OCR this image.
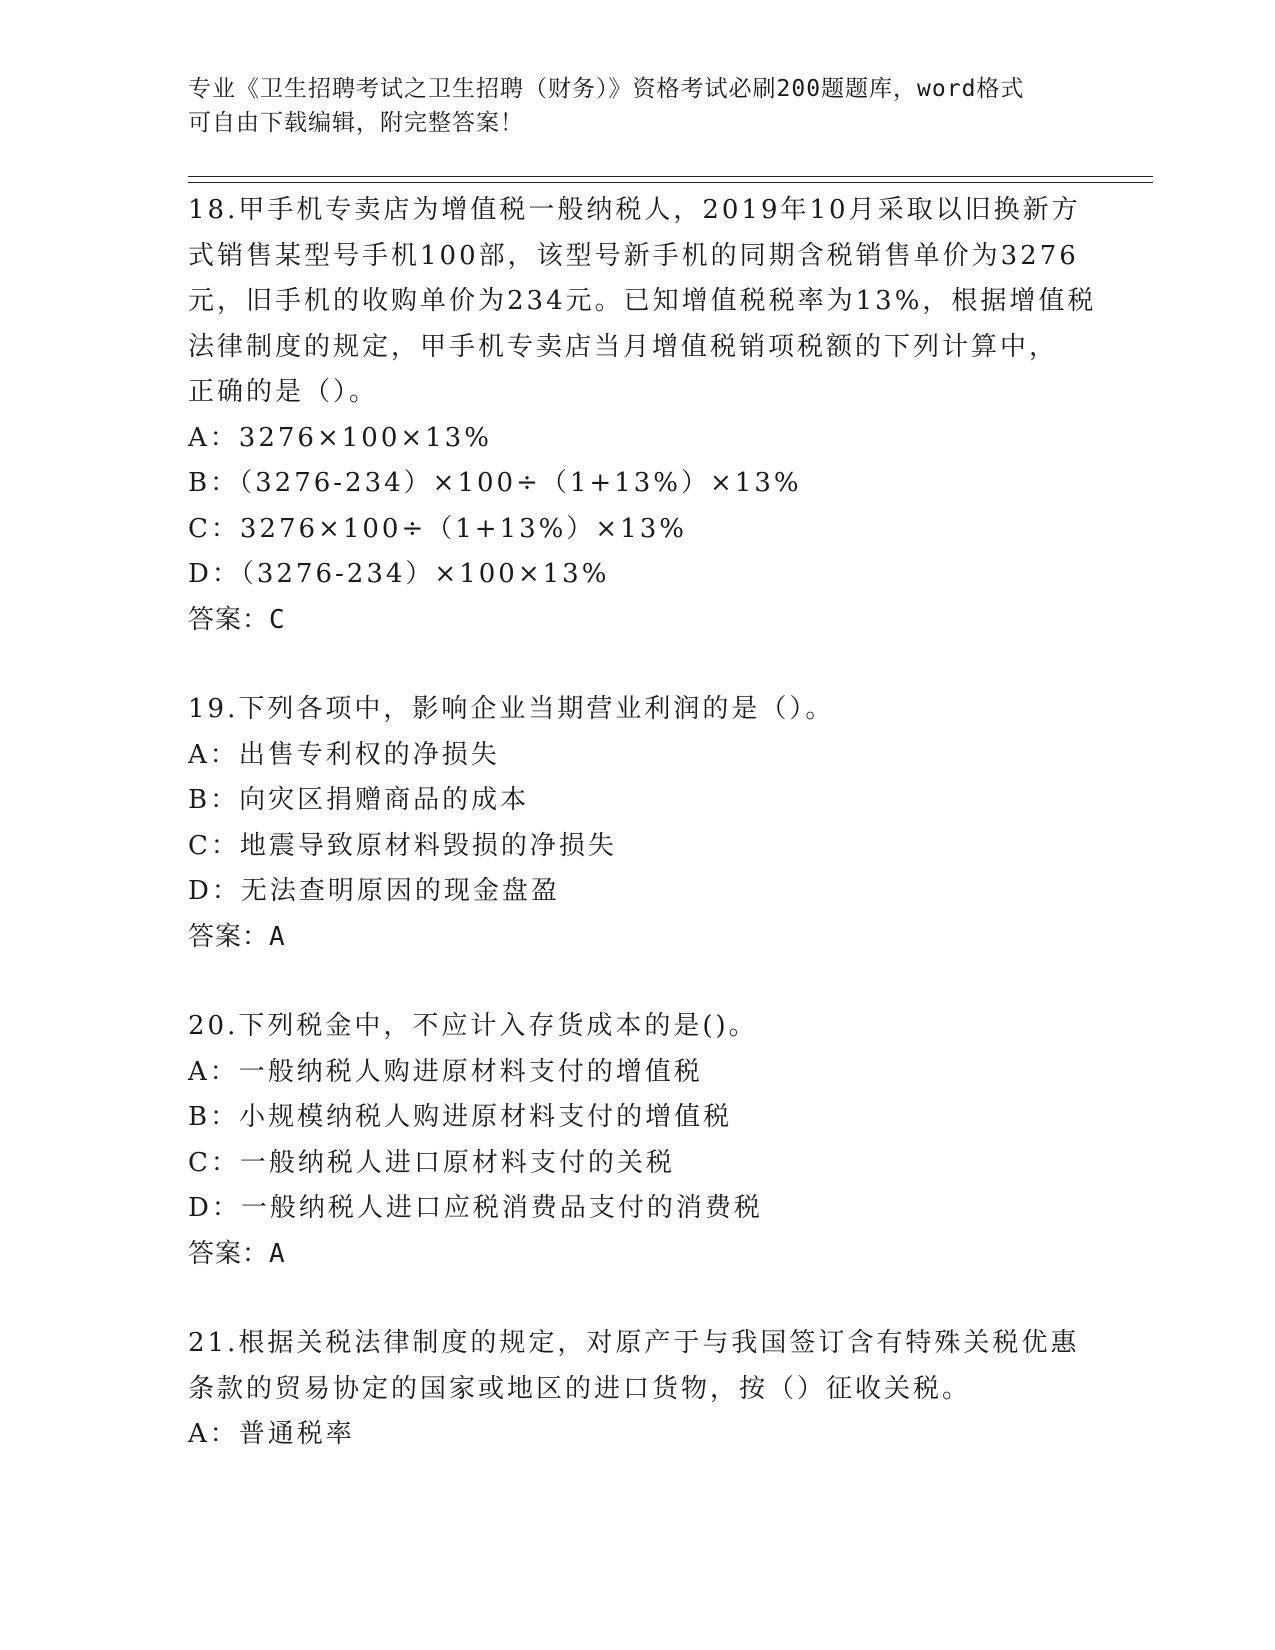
专业《卫生招聘考试之卫生招聘（财务）》资格考试必刷200题题库，word格式
可自由下载编辑，附完整答案！
18.甲手机专卖店为增值税一般纳税人，2019年10月采取以旧换新方
式销售某型号手机100部，该型号新手机的同期含税销售单价为3276
元，旧手机的收购单价为234元。已知增值税税率为13%，根据增值税
法律制度的规定，甲手机专卖店当月增值税销项税额的下列计算中，
正确的是（）。
A：3276×100×13%
B：（3276-234）×100÷（1+13%）×13%
C：3276×100÷（1+13%）×13%
D：（3276-234）×100×13%
答案：C
19.下列各项中，影响企业当期营业利润的是（）。
A：出售专利权的净损失
B：向灾区捐赠商品的成本
C：地震导致原材料毁损的净损失
D：无法查明原因的现金盘盈
答案：A
20.下列税金中，不应计入存货成本的是()。
A：一般纳税人购进原材料支付的增值税
B：小规模纳税人购进原材料支付的增值税
C：一般纳税人进口原材料支付的关税
D：一般纳税人进口应税消费品支付的消费税
答案：A
21.根据关税法律制度的规定，对原产于与我国签订含有特殊关税优惠
条款的贸易协定的国家或地区的进口货物，按（）征收关税。
A：普通税率
